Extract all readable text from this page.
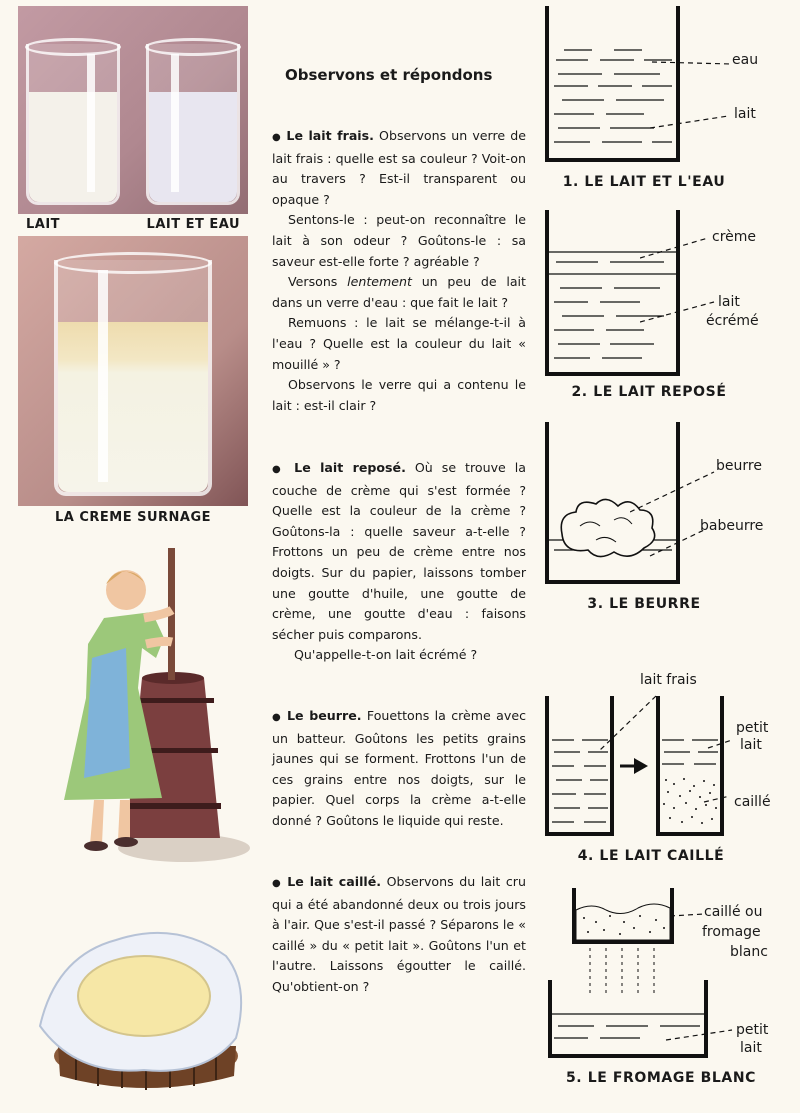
LAIT	LAIT ET EAU
LA CREME SURNAGE
Observons et répondons

● Le lait frais. Observons un verre de lait frais : quelle est sa couleur ? Voit-on au travers ? Est-il transparent ou opaque ?

Sentons-le : peut-on reconnaître le lait à son odeur ? Goûtons-le : sa saveur est-elle forte ? agréable ?

Versons lentement un peu de lait dans un verre d'eau : que fait le lait ?

Remuons : le lait se mélange-t-il à l'eau ? Quelle est la couleur du lait « mouillé » ?

Observons le verre qui a contenu le lait : est-il clair ?

● Le lait reposé. Où se trouve la couche de crème qui s'est formée ? Quelle est la couleur de la crème ? Goûtons-la : quelle saveur a-t-elle ? Frottons un peu de crème entre nos doigts. Sur du papier, laissons tomber une goutte d'huile, une goutte de crème, une goutte d'eau : faisons sécher puis comparons.

Qu'appelle-t-on lait écrémé ?

● Le beurre. Fouettons la crème avec un batteur. Goûtons les petits grains jaunes qui se forment. Frottons l'un de ces grains entre nos doigts, sur le papier. Quel corps la crème a-t-elle donné ? Goûtons le liquide qui reste.

● Le lait caillé. Observons du lait cru qui a été abandonné deux ou trois jours à l'air. Que s'est-il passé ? Séparons le « caillé » du « petit lait ». Goûtons l'un et l'autre. Laissons égoutter le caillé. Qu'obtient-on ?

eau
lait
1. LE LAIT ET L'EAU
crème
lait
écrémé
2. LE LAIT REPOSÉ
beurre
babeurre
3. LE BEURRE
lait frais
petit
lait
caillé
4. LE LAIT CAILLÉ
caillé ou
fromage
blanc
petit
lait
5. LE FROMAGE BLANC
